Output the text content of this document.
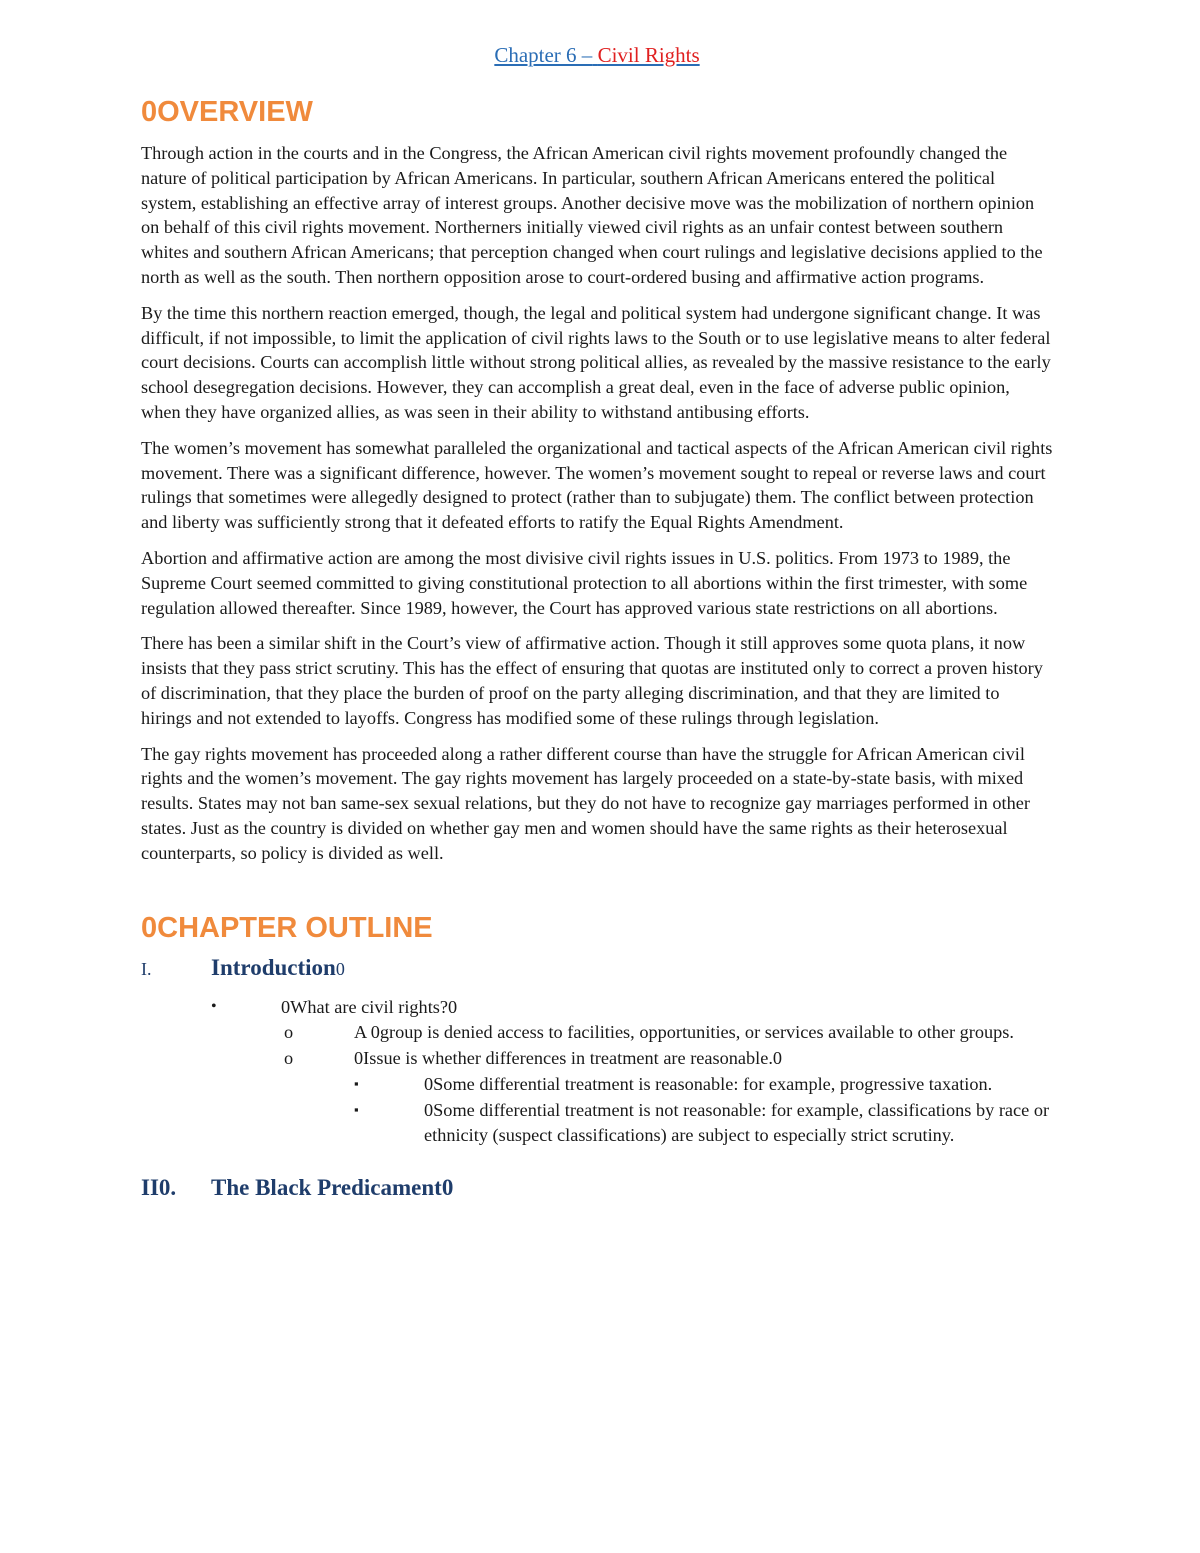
Chapter 6 – Civil Rights
0OVERVIEW

Through action in the courts and in the Congress, the African American civil rights movement profoundly changed the nature of political participation by African Americans. In particular, southern African Americans entered the political system, establishing an effective array of interest groups. Another decisive move was the mobilization of northern opinion on behalf of this civil rights movement. Northerners initially viewed civil rights as an unfair contest between southern whites and southern African Americans; that perception changed when court rulings and legislative decisions applied to the north as well as the south. Then northern opposition arose to court-ordered busing and affirmative action programs.

By the time this northern reaction emerged, though, the legal and political system had undergone significant change. It was difficult, if not impossible, to limit the application of civil rights laws to the South or to use legislative means to alter federal court decisions. Courts can accomplish little without strong political allies, as revealed by the massive resistance to the early school desegregation decisions. However, they can accomplish a great deal, even in the face of adverse public opinion, when they have organized allies, as was seen in their ability to withstand antibusing efforts.

The women’s movement has somewhat paralleled the organizational and tactical aspects of the African American civil rights movement. There was a significant difference, however. The women’s movement sought to repeal or reverse laws and court rulings that sometimes were allegedly designed to protect (rather than to subjugate) them. The conflict between protection and liberty was sufficiently strong that it defeated efforts to ratify the Equal Rights Amendment.

Abortion and affirmative action are among the most divisive civil rights issues in U.S. politics. From 1973 to 1989, the Supreme Court seemed committed to giving constitutional protection to all abortions within the first trimester, with some regulation allowed thereafter. Since 1989, however, the Court has approved various state restrictions on all abortions.

There has been a similar shift in the Court’s view of affirmative action. Though it still approves some quota plans, it now insists that they pass strict scrutiny. This has the effect of ensuring that quotas are instituted only to correct a proven history of discrimination, that they place the burden of proof on the party alleging discrimination, and that they are limited to hirings and not extended to layoffs. Congress has modified some of these rulings through legislation.

The gay rights movement has proceeded along a rather different course than have the struggle for African American civil rights and the women’s movement. The gay rights movement has largely proceeded on a state-by-state basis, with mixed results. States may not ban same-sex sexual relations, but they do not have to recognize gay marriages performed in other states. Just as the country is divided on whether gay men and women should have the same rights as their heterosexual counterparts, so policy is divided as well.

0CHAPTER OUTLINE
I.	Introduction0
•	0What are civil rights?0
o	A 0group is denied access to facilities, opportunities, or services available to other groups.
o	0Issue is whether differences in treatment are reasonable.0
▪	0Some differential treatment is reasonable: for example, progressive taxation.
▪	0Some differential treatment is not reasonable: for example, classifications by race or ethnicity (suspect classifications) are subject to especially strict scrutiny.
II0.	The Black Predicament0
